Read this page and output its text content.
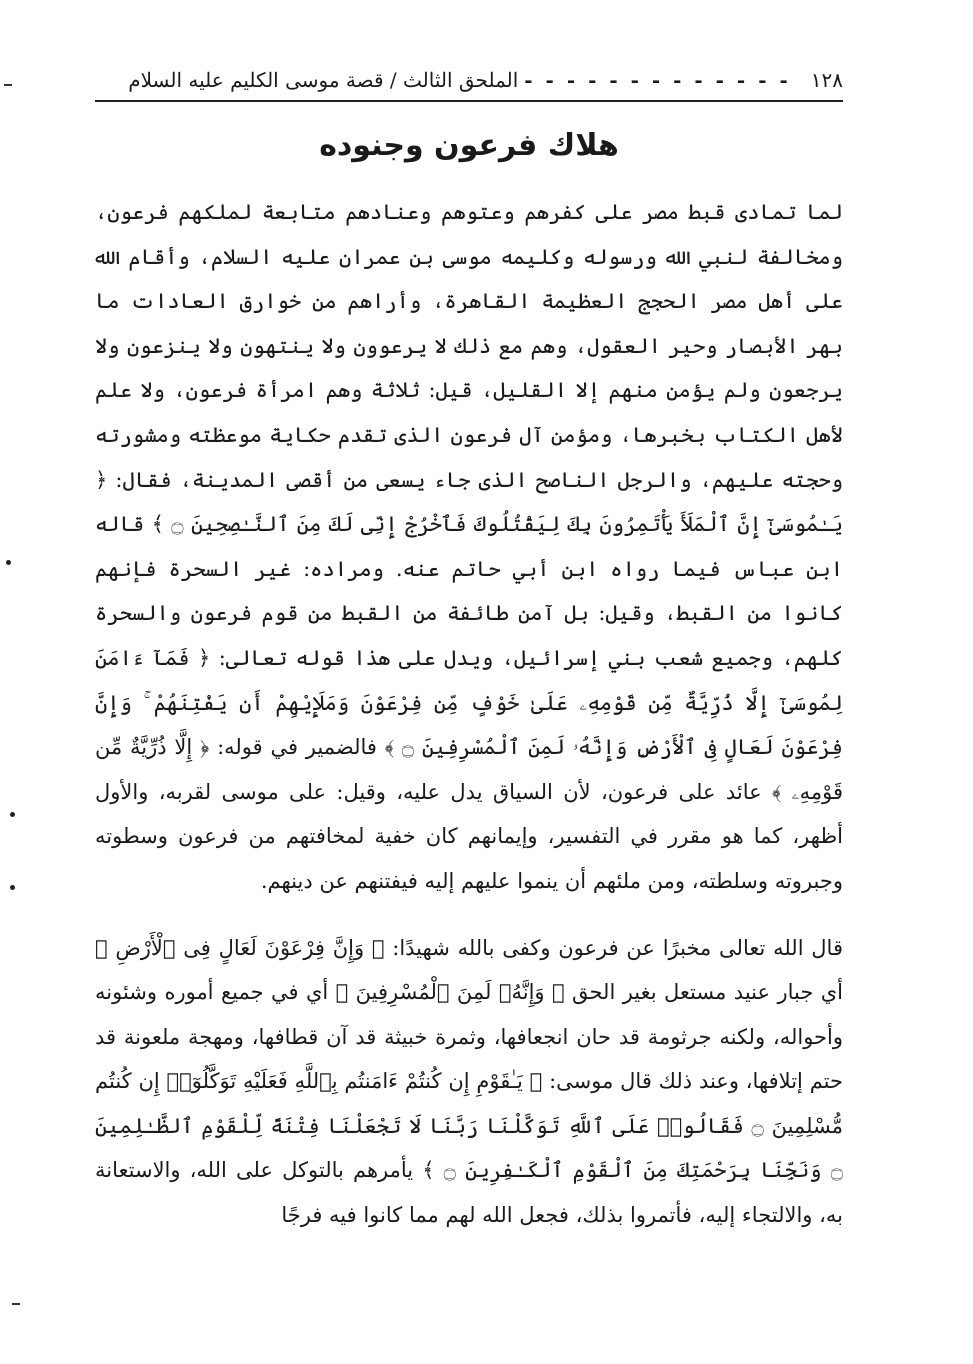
١٢٨
- - - - - - - - - - - - -
الملحق الثالث / قصة موسى الكليم عليه السلام
هلاك فرعون وجنوده

لما تمادى قبط مصر على كفرهم وعتوهم وعنادهم متابعة لملكهم فرعون، ومخالفة لنبي الله ورسوله وكليمه موسى بن عمران عليه السلام، وأقام الله على أهل مصر الحجج العظيمة القاهرة، وأراهم من خوارق العادات ما بهر الأبصار وحير العقول، وهم مع ذلك لا يرعوون ولا ينتهون ولا ينزعون ولا يرجعون ولم يؤمن منهم إلا القليل، قيل: ثلاثة وهم امرأة فرعون، ولا علم لأهل الكتاب بخبرها، ومؤمن آل فرعون الذى تقدم حكاية موعظته ومشورته وحجته عليهم، والرجل الناصح الذى جاء يسعى من أقصى المدينة، فقال: ﴿ يَـٰمُوسَىٰٓ إِنَّ ٱلْمَلَأَ يَأْتَمِرُونَ بِكَ لِيَقْتُلُوكَ فَٱخْرُجْ إِنِّى لَكَ مِنَ ٱلنَّـٰصِحِينَ ۝ ﴾ قاله ابن عباس فيما رواه ابن أبي حاتم عنه. ومراده: غير السحرة فإنهم كانوا من القبط، وقيل: بل آمن طائفة من القبط من قوم فرعون والسحرة كلهم، وجميع شعب بني إسرائيل، ويدل على هذا قوله تعالى: ﴿ فَمَآ ءَامَنَ لِمُوسَىٰٓ إِلَّا ذُرِّيَّةٌ مِّن قَوْمِهِۦ عَلَىٰ خَوْفٍ مِّن فِرْعَوْنَ وَمَلَإِيْهِمْ أَن يَفْتِنَهُمْ ۚ وَإِنَّ فِرْعَوْنَ لَعَالٍ فِى ٱلْأَرْضِ وَإِنَّهُۥ لَمِنَ ٱلْمُسْرِفِينَ ۝ ﴾ فالضمير في قوله: ﴿ إِلَّا ذُرِّيَّةٌ مِّن قَوْمِهِۦ ﴾ عائد على فرعون، لأن السياق يدل عليه، وقيل: على موسى لقربه، والأول أظهر، كما هو مقرر في التفسير، وإيمانهم كان خفية لمخافتهم من فرعون وسطوته وجبروته وسلطته، ومن ملئهم أن ينموا عليهم إليه فيفتنهم عن دينهم.

قال الله تعالى مخبرًا عن فرعون وكفى بالله شهيدًا: ﴿ وَإِنَّ فِرْعَوْنَ لَعَالٍ فِى ٱلْأَرْضِ ﴾ أي جبار عنيد مستعل بغير الحق ﴿ وَإِنَّهُۥ لَمِنَ ٱلْمُسْرِفِينَ ﴾ أي في جميع أموره وشئونه وأحواله، ولكنه جرثومة قد حان انجعافها، وثمرة خبيثة قد آن قطافها، ومهجة ملعونة قد حتم إتلافها، وعند ذلك قال موسى: ﴿ يَـٰقَوْمِ إِن كُنتُمْ ءَامَنتُم بِٱللَّهِ فَعَلَيْهِ تَوَكَّلُوٓا۟ إِن كُنتُم مُّسْلِمِينَ ۝ فَقَالُوا۟ عَلَى ٱللَّهِ تَوَكَّلْنَا رَبَّنَا لَا تَجْعَلْنَا فِتْنَةً لِّلْقَوْمِ ٱلظَّـٰلِمِينَ ۝ وَنَجِّنَا بِرَحْمَتِكَ مِنَ ٱلْقَوْمِ ٱلْكَـٰفِرِينَ ۝ ﴾ يأمرهم بالتوكل على الله، والاستعانة به، والالتجاء إليه، فأتمروا بذلك، فجعل الله لهم مما كانوا فيه فرجًا
